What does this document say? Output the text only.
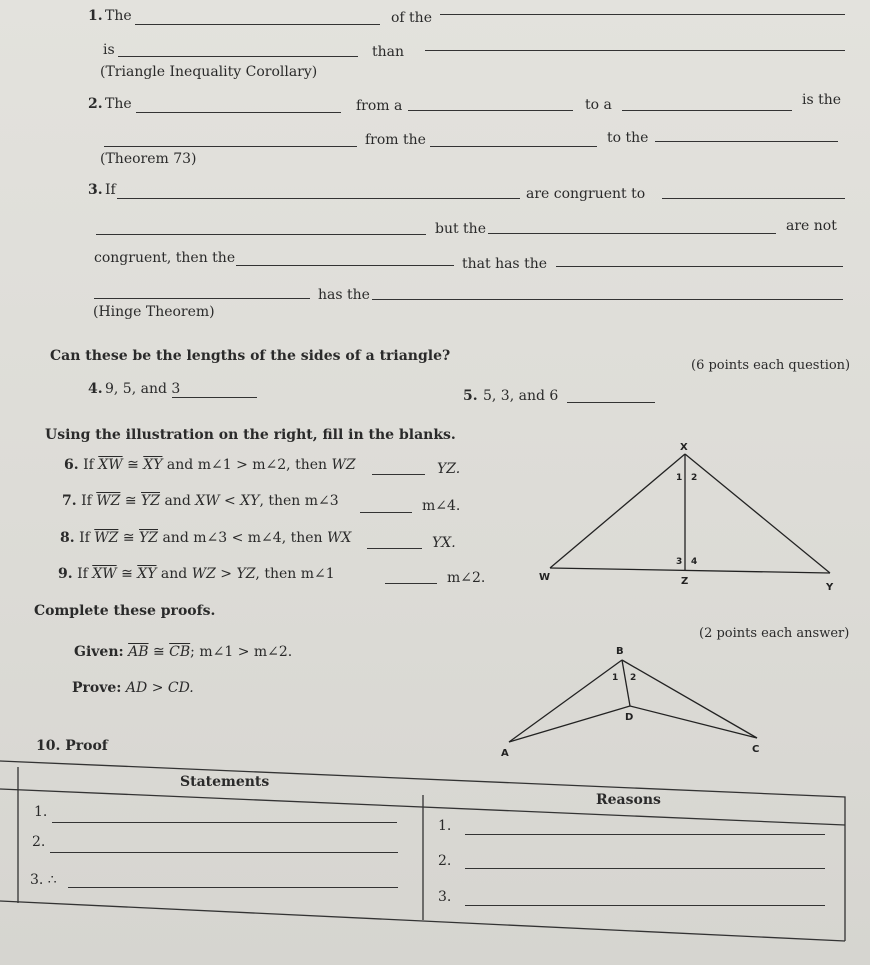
1. The	of the
is	than
(Triangle Inequality Corollary)
2. The	from a	to a	is the
from the	to the
(Theorem 73)
3. If	are congruent to
but the	are not
congruent, then the	that has the
has the
(Hinge Theorem)
Can these be the lengths of the sides of a triangle?
(6 points each question)
4. 9, 5, and 3	5. 5, 3, and 6
Using the illustration on the right, fill in the blanks.
6. If $\overline{XW}$ ≅ $\overline{XY}$ and m∠1 > m∠2, then WZ	YZ.
7. If $\overline{WZ}$ ≅ $\overline{YZ}$ and XW < XY, then m∠3	m∠4.
8. If $\overline{WZ}$ ≅ $\overline{YZ}$ and m∠3 < m∠4, then WX	YX.
9. If $\overline{XW}$ ≅ $\overline{XY}$ and WZ > YZ, then m∠1	m∠2.
X
1 2
3 4
W	Z
Y
Complete these proofs.
(2 points each answer)
Given: $\overline{AB}$ ≅ $\overline{CB}$; m∠1 > m∠2.
Prove: AD > CD.
B
1 2
D
A	C
10. Proof
Statements
Reasons
1.
2.
3. ∴
1.
2.
3.
